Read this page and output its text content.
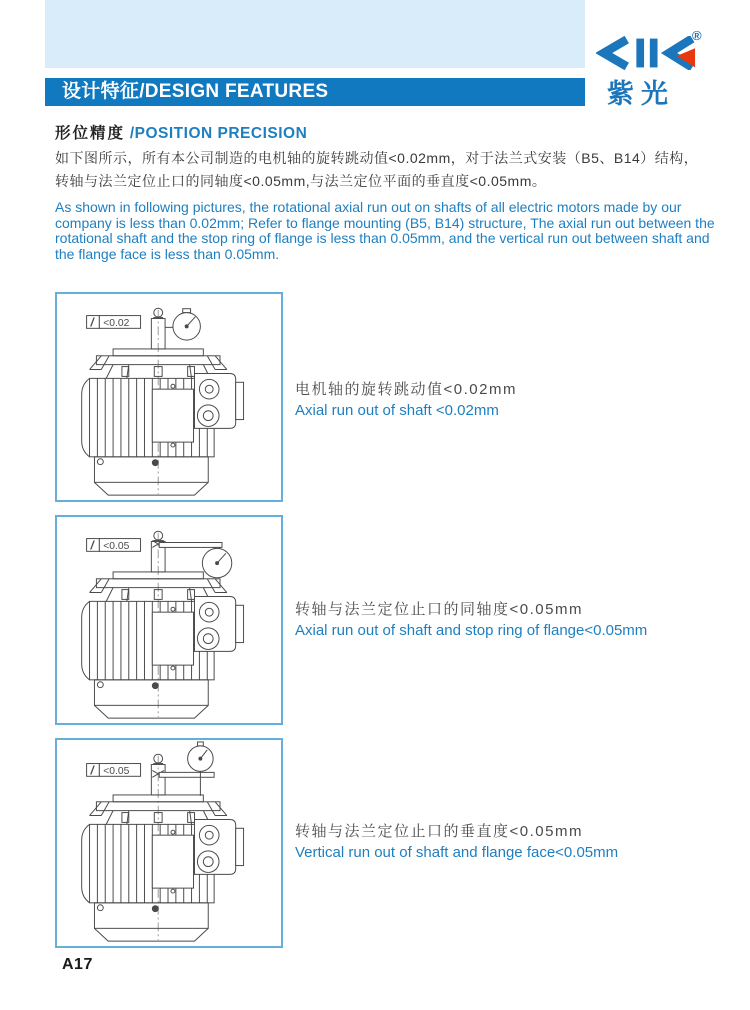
®
紫光
设计特征/DESIGN FEATURES
形位精度 /POSITION PRECISION
如下图所示，所有本公司制造的电机轴的旋转跳动值<0.02mm，对于法兰式安装（B5、B14）结构，
转轴与法兰定位止口的同轴度<0.05mm,与法兰定位平面的垂直度<0.05mm。
As shown in following pictures, the rotational axial run out on shafts of all electric motors made by our company is less than 0.02mm; Refer to flange mounting (B5, B14) structure, The axial run out between the rotational shaft and the stop ring of flange is less than 0.05mm, and the vertical run out between shaft and the flange face is less than 0.05mm.
/ <0.02
电机轴的旋转跳动值<0.02mm
Axial run out of shaft <0.02mm
/ <0.05
转轴与法兰定位止口的同轴度<0.05mm
Axial run out of shaft and stop ring of flange<0.05mm
/ <0.05
转轴与法兰定位止口的垂直度<0.05mm
Vertical run out of shaft and flange face<0.05mm
A17
